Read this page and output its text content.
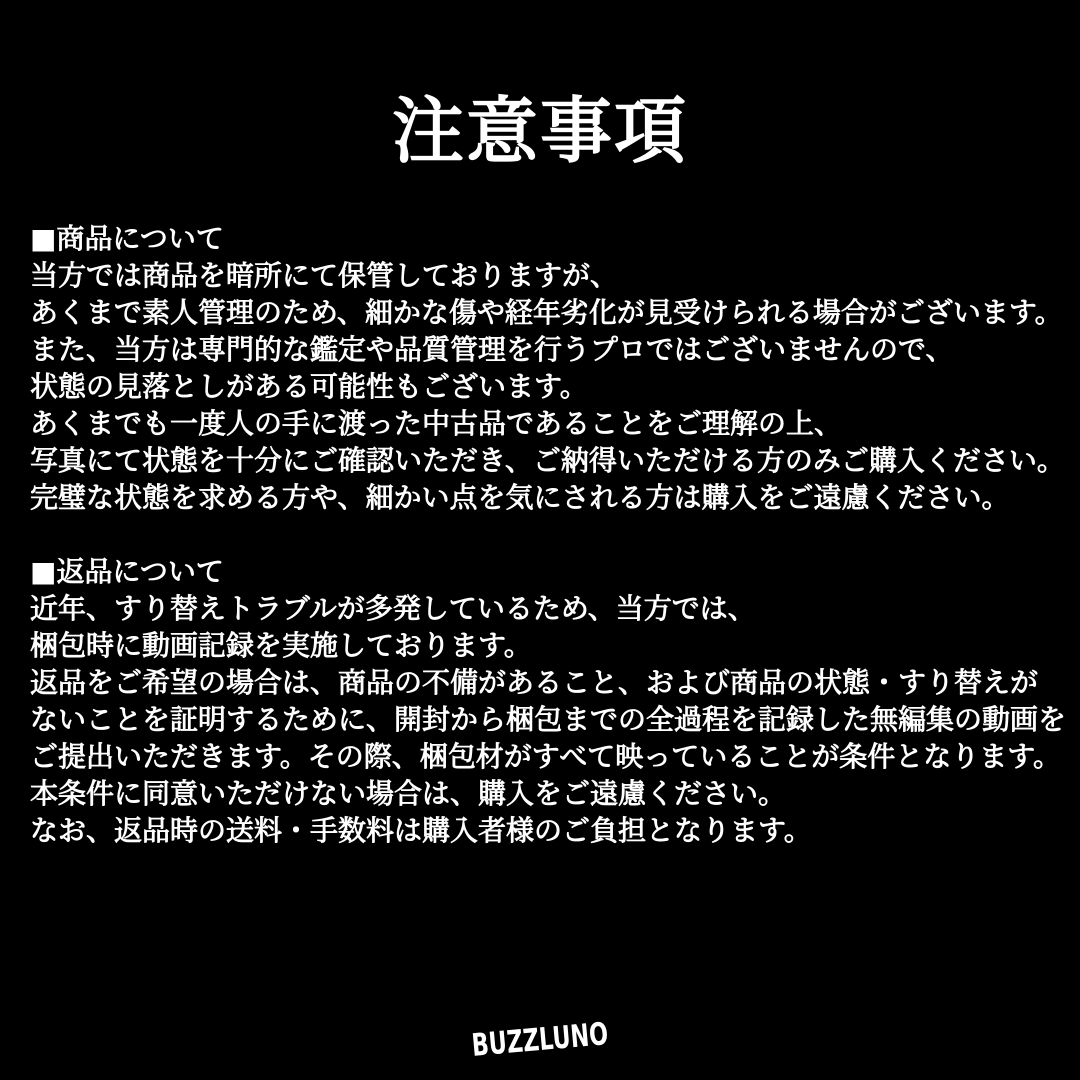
注意事項
■商品について
当方では商品を暗所にて保管しておりますが、
あくまで素人管理のため、細かな傷や経年劣化が見受けられる場合がございます。
また、当方は専門的な鑑定や品質管理を行うプロではございませんので、
状態の見落としがある可能性もございます。
あくまでも一度人の手に渡った中古品であることをご理解の上、
写真にて状態を十分にご確認いただき、ご納得いただける方のみご購入ください。
完璧な状態を求める方や、細かい点を気にされる方は購入をご遠慮ください。
■返品について
近年、すり替えトラブルが多発しているため、当方では、
梱包時に動画記録を実施しております。
返品をご希望の場合は、商品の不備があること、および商品の状態・すり替えが
ないことを証明するために、開封から梱包までの全過程を記録した無編集の動画を
ご提出いただきます。その際、梱包材がすべて映っていることが条件となります。
本条件に同意いただけない場合は、購入をご遠慮ください。
なお、返品時の送料・手数料は購入者様のご負担となります。
BUZZLUNO
